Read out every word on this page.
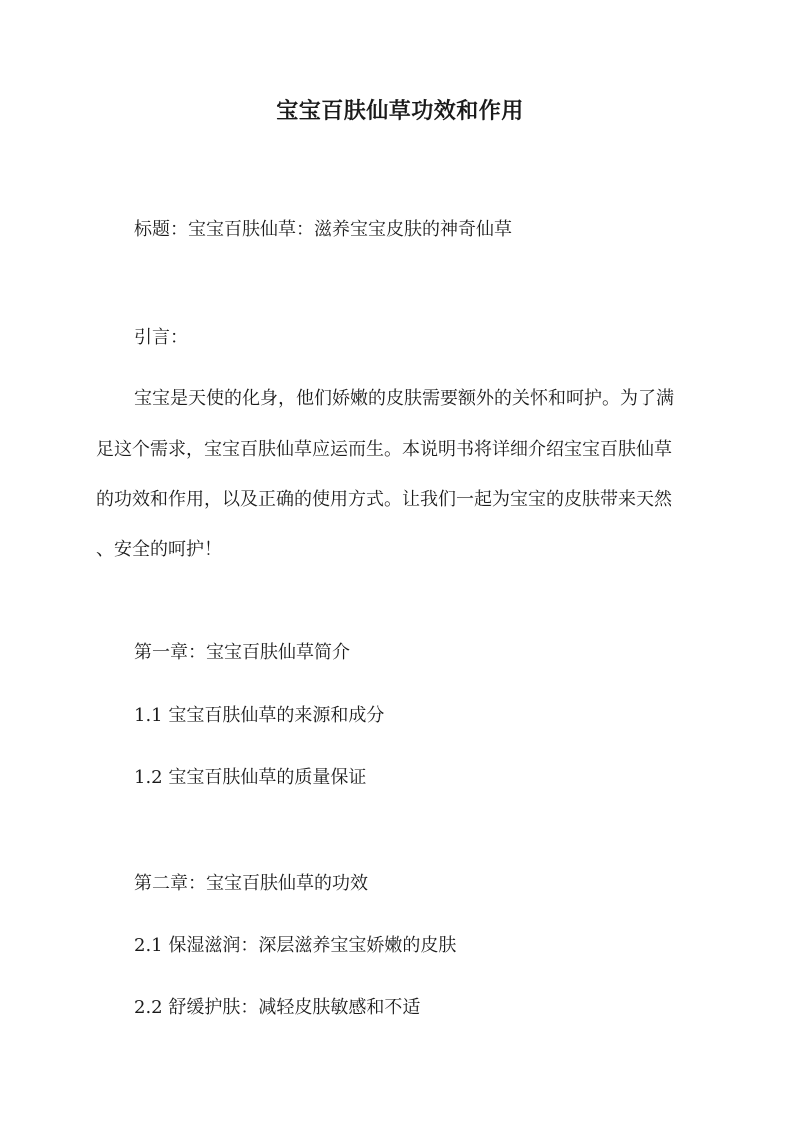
宝宝百肤仙草功效和作用
标题：宝宝百肤仙草：滋养宝宝皮肤的神奇仙草
引言：
宝宝是天使的化身，他们娇嫩的皮肤需要额外的关怀和呵护。为了满
足这个需求，宝宝百肤仙草应运而生。本说明书将详细介绍宝宝百肤仙草
的功效和作用，以及正确的使用方式。让我们一起为宝宝的皮肤带来天然
、安全的呵护！
第一章：宝宝百肤仙草简介
1.1 宝宝百肤仙草的来源和成分
1.2 宝宝百肤仙草的质量保证
第二章：宝宝百肤仙草的功效
2.1 保湿滋润：深层滋养宝宝娇嫩的皮肤
2.2 舒缓护肤：减轻皮肤敏感和不适
